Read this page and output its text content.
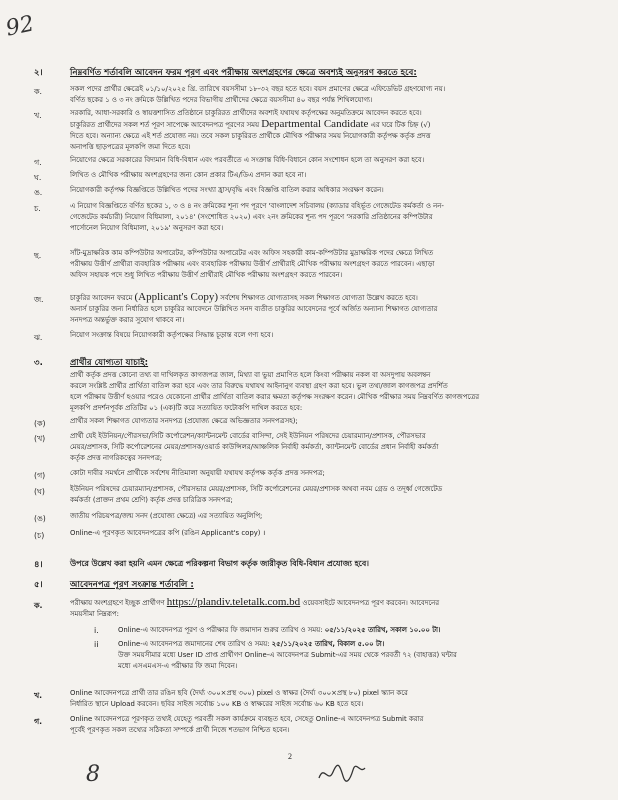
92
২।	নিম্নবর্ণিত শর্তাবলি আবেদন ফরম পূরণ এবং পরীক্ষায় অংশগ্রহণের ক্ষেত্রে অবশ্যই অনুসরণ করতে হবে:
ক.	সকল পদের প্রার্থীর ক্ষেত্রেই ০১/১০/২০২৫ খ্রি. তারিখে বয়সসীমা ১৮-৩২ বছর হতে হবে। বয়স প্রমাণের ক্ষেত্রে এফিডেভিট গ্রহণযোগ্য নয়।

বর্ণিত ছকের ১ ও ৩ নং ক্রমিকে উল্লিখিত পদের বিভাগীয় প্রার্থীদের ক্ষেত্রে বয়সসীমা ৪০ বছর পর্যন্ত শিথিলযোগ্য।

খ.	সরকারি, আধা-সরকারি ও স্বায়ত্তশাসিত প্রতিষ্ঠানে চাকুরিরত প্রার্থীদের অবশ্যই যথাযথ কর্তৃপক্ষের অনুমতিক্রমে আবেদন করতে হবে।

চাকুরিরত প্রার্থীদের সকল শর্ত পূরণ সাপেক্ষে আবেদনপত্র পূরণের সময় Departmental Candidate এর ঘরে টিক চিহ্ন (√)

দিতে হবে। অন্যান্য ক্ষেত্রে এই শর্ত প্রযোজ্য নয়। তবে সকল চাকুরিরত প্রার্থীকে মৌখিক পরীক্ষার সময় নিয়োগকারী কর্তৃপক্ষ কর্তৃক প্রদত্ত

অনাপত্তি ছাড়পত্রের মূলকপি জমা দিতে হবে।

গ.	নিয়োগের ক্ষেত্রে সরকারের বিদ্যমান বিধি-বিধান এবং পরবর্তীতে এ সংক্রান্ত বিধি-বিধানে কোন সংশোধন হলে তা অনুসরণ করা হবে।

ঘ.	লিখিত ও মৌখিক পরীক্ষায় অংশগ্রহণের জন্য কোন প্রকার টিএ/ডিএ প্রদান করা হবে না।

ঙ.	নিয়োগকারী কর্তৃপক্ষ বিজ্ঞপ্তিতে উল্লিখিত পদের সংখ্যা হ্রাস/বৃদ্ধি এবং বিজ্ঞপ্তি বাতিল করার অধিকার সংরক্ষণ করেন।

চ.	এ নিয়োগ বিজ্ঞপ্তিতে বর্ণিত ছকের ১, ৩ ও ৪ নং ক্রমিকের শূন্য পদ পূরণে 'বাংলাদেশ সচিবালয় (ক্যাডার বহির্ভূত গেজেটেড কর্মকর্তা ও নন-

গেজেটেড কর্মচারী) নিয়োগ বিধিমালা, ২০১৪' (সংশোধিত ২০২০) এবং ২নং ক্রমিকের শূন্য পদ পূরণে 'সরকারি প্রতিষ্ঠানের কম্পিউটার

পার্সোনেল নিয়োগ বিধিমালা, ২০১৯' অনুসরণ করা হবে।

ছ.	সাঁট-মুদ্রাক্ষরিক কাম কম্পিউটার অপারেটর, কম্পিউটার অপারেটর এবং অফিস সহকারী কাম-কম্পিউটার মুদ্রাক্ষরিক পদের ক্ষেত্রে লিখিত

পরীক্ষায় উত্তীর্ণ প্রার্থীরা ব্যবহারিক পরীক্ষায় এবং ব্যবহারিক পরীক্ষায় উত্তীর্ণ প্রার্থীরাই মৌখিক পরীক্ষায় অংশগ্রহণ করতে পারবেন। এছাড়া

অফিস সহায়ক পদে শুধু লিখিত পরীক্ষায় উত্তীর্ণ প্রার্থীরাই মৌখিক পরীক্ষায় অংশগ্রহণ করতে পারবেন।

জ.	চাকুরির আবেদন ফরমে (Applicant's Copy) সর্বশেষ শিক্ষাগত যোগ্যতাসহ সকল শিক্ষাগত যোগ্যতা উল্লেখ করতে হবে।

অনার্স চাকুরির জন্য নির্ধারিত হলে চাকুরির আবেদনে উল্লিখিত সনদ ব্যতীত চাকুরির আবেদনের পূর্বে অর্জিত অন্যান্য শিক্ষাগত যোগ্যতার

সনদপত্র অন্তর্ভুক্ত করার সুযোগ থাকবে না।

ঝ.	নিয়োগ সংক্রান্ত বিষয়ে নিয়োগকারী কর্তৃপক্ষের সিদ্ধান্ত চূড়ান্ত বলে গণ্য হবে।

৩.	প্রার্থীর যোগ্যতা যাচাই:

প্রার্থী কর্তৃক প্রদত্ত কোনো তথ্য বা দাখিলকৃত কাগজপত্র জাল, মিথ্যা বা ভুয়া প্রমাণিত হলে কিংবা পরীক্ষায় নকল বা অসদুপায় অবলম্বন

করলে সংশ্লিষ্ট প্রার্থীর প্রার্থিতা বাতিল করা হবে এবং তার বিরুদ্ধে যথাযথ আইনানুগ ব্যবস্থা গ্রহণ করা হবে। ভুল তথ্য/জাল কাগজপত্র প্রদর্শিত

হলে পরীক্ষায় উত্তীর্ণ হওয়ার পরেও যেকোনো প্রার্থীর প্রার্থিতা বাতিল করার ক্ষমতা কর্তৃপক্ষ সংরক্ষণ করেন। মৌখিক পরীক্ষার সময় নিম্নবর্ণিত কাগজপত্রের

মূলকপি প্রদর্শনপূর্বক প্রতিটির ০১ (এক)টি করে সত্যায়িত ফটোকপি দাখিল করতে হবে:

(ক)	প্রার্থীর সকল শিক্ষাগত যোগ্যতার সনদপত্র (প্রযোজ্য ক্ষেত্রে অভিজ্ঞতার সনদপত্রসহ);

(খ)	প্রার্থী যেই ইউনিয়ন/পৌরসভা/সিটি কর্পোরেশন/ক্যান্টনমেন্ট বোর্ডের বাসিন্দা, সেই ইউনিয়ন পরিষদের চেয়ারম্যান/প্রশাসক, পৌরসভার

মেয়র/প্রশাসক, সিটি কর্পোরেশনের মেয়র/প্রশাসক/ওয়ার্ড কাউন্সিলর/আঞ্চলিক নির্বাহী কর্মকর্তা, ক্যান্টনমেন্ট বোর্ডের প্রধান নির্বাহী কর্মকর্তা

কর্তৃক প্রদত্ত নাগরিকত্বের সনদপত্র;

(গ)	কোটা দাবীর সমর্থনে প্রার্থীকে সর্বশেষ নীতিমালা অনুযায়ী যথাযথ কর্তৃপক্ষ কর্তৃক প্রদত্ত সনদপত্র;

(ঘ)	ইউনিয়ন পরিষদের চেয়ারম্যান/প্রশাসক, পৌরসভার মেয়র/প্রশাসক, সিটি কর্পোরেশনের মেয়র/প্রশাসক অথবা নবম গ্রেড ও তদূর্ধ্ব গেজেটেড

কর্মকর্তা (প্রাক্তন প্রথম শ্রেণি) কর্তৃক প্রদত্ত চারিত্রিক সনদপত্র;

(ঙ)	জাতীয় পরিচয়পত্র/জন্ম সনদ (প্রযোজ্য ক্ষেত্রে) এর সত্যায়িত অনুলিপি;

(চ)	Online-এ পূরণকৃত আবেদনপত্রের কপি (রঙিন Applicant's copy) ।

৪।	উপরে উল্লেখ করা হয়নি এমন ক্ষেত্রে পরিকল্পনা বিভাগ কর্তৃক জারীকৃত বিধি-বিধান প্রযোজ্য হবে।
৫।	আবেদনপত্র পূরণ সংক্রান্ত শর্তাবলি :
ক.	পরীক্ষায় অংশগ্রহণে ইচ্ছুক প্রার্থীগণ https://plandiv.teletalk.com.bd ওয়েবসাইটে আবেদনপত্র পূরণ করবেন। আবেদনের

সময়সীমা নিম্নরূপ:

i.	Online-এ আবেদনপত্র পূরণ ও পরীক্ষার ফি জমাদান শুরুর তারিখ ও সময়: ০৫/১১/২০২৫ তারিখ, সকাল ১০.০০ টা।

ii	Online-এ আবেদনপত্র জমাদানের শেষ তারিখ ও সময়: ২৫/১১/২০২৫ তারিখ, বিকাল ৫.০০ টা।

উক্ত সময়সীমার মধ্যে User ID প্রাপ্ত প্রার্থীগণ Online-এ আবেদনপত্র Submit-এর সময় থেকে পরবর্তী ৭২ (বাহাত্তর) ঘন্টার

মধ্যে এসএমএস-এ পরীক্ষার ফি জমা দিবেন।

খ.	Online আবেদনপত্রে প্রার্থী তার রঙিন ছবি (দৈর্ঘ্য ৩০০×প্রস্থ ৩০০) pixel ও স্বাক্ষর (দৈর্ঘ্য ৩০০×প্রস্থ ৮০) pixel স্ক্যান করে

নির্ধারিত স্থানে Upload করবেন। ছবির সাইজ সর্বোচ্চ ১০০ KB ও স্বাক্ষরের সাইজ সর্বোচ্চ ৬০ KB হতে হবে।

গ.	Online আবেদনপত্রে পূরণকৃত তথ্যই যেহেতু পরবর্তী সকল কার্যক্রমে ব্যবহৃত হবে, সেহেতু Online-এ আবেদনপত্র Submit করার

পূর্বেই পূরণকৃত সকল তথ্যের সঠিকতা সম্পর্কে প্রার্থী নিজে শতভাগ নিশ্চিত হবেন।

2
8
